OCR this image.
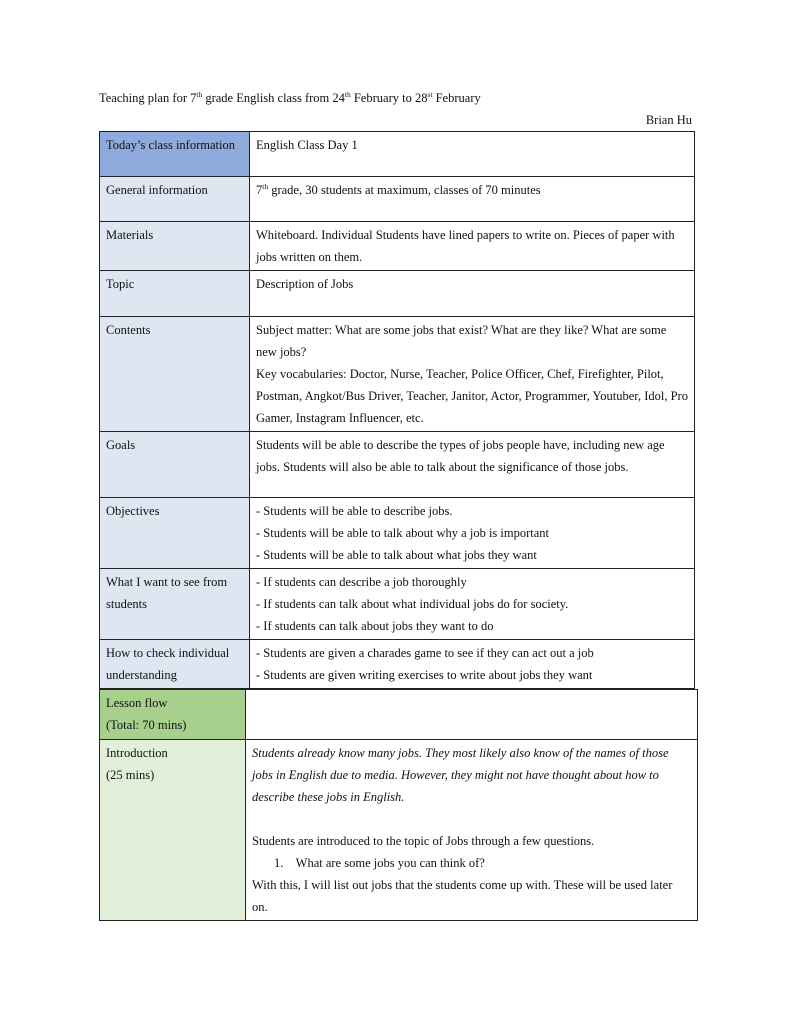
Teaching plan for 7th grade English class from 24th February to 28st February
Brian Hu
Today’s class information	English Class Day 1
General information	7th grade, 30 students at maximum, classes of 70 minutes
Materials	Whiteboard. Individual Students have lined papers to write on. Pieces of paper with jobs written on them.
Topic	Description of Jobs
Contents	Subject matter: What are some jobs that exist? What are they like? What are some new jobs?
Key vocabularies: Doctor, Nurse, Teacher, Police Officer, Chef, Firefighter, Pilot, Postman, Angkot/Bus Driver, Teacher, Janitor, Actor, Programmer, Youtuber, Idol, Pro Gamer, Instagram Influencer, etc.

Goals	Students will be able to describe the types of jobs people have, including new age jobs. Students will also be able to talk about the significance of those jobs.
Objectives	- Students will be able to describe jobs.
- Students will be able to talk about why a job is important
- Students will be able to talk about what jobs they want

What I want to see from students	- If students can describe a job thoroughly
- If students can talk about what individual jobs do for society.
- If students can talk about jobs they want to do

How to check individual understanding	- Students are given a charades game to see if they can act out a job
- Students are given writing exercises to write about jobs they want
Lesson flow
(Total: 70 mins)	

Introduction
(25 mins)	Students already know many jobs. They most likely also know of the names of those jobs in English due to media. However, they might not have thought about how to describe these jobs in English.
Students are introduced to the topic of Jobs through a few questions.
1.    What are some jobs you can think of?
With this, I will list out jobs that the students come up with. These will be used later on.
